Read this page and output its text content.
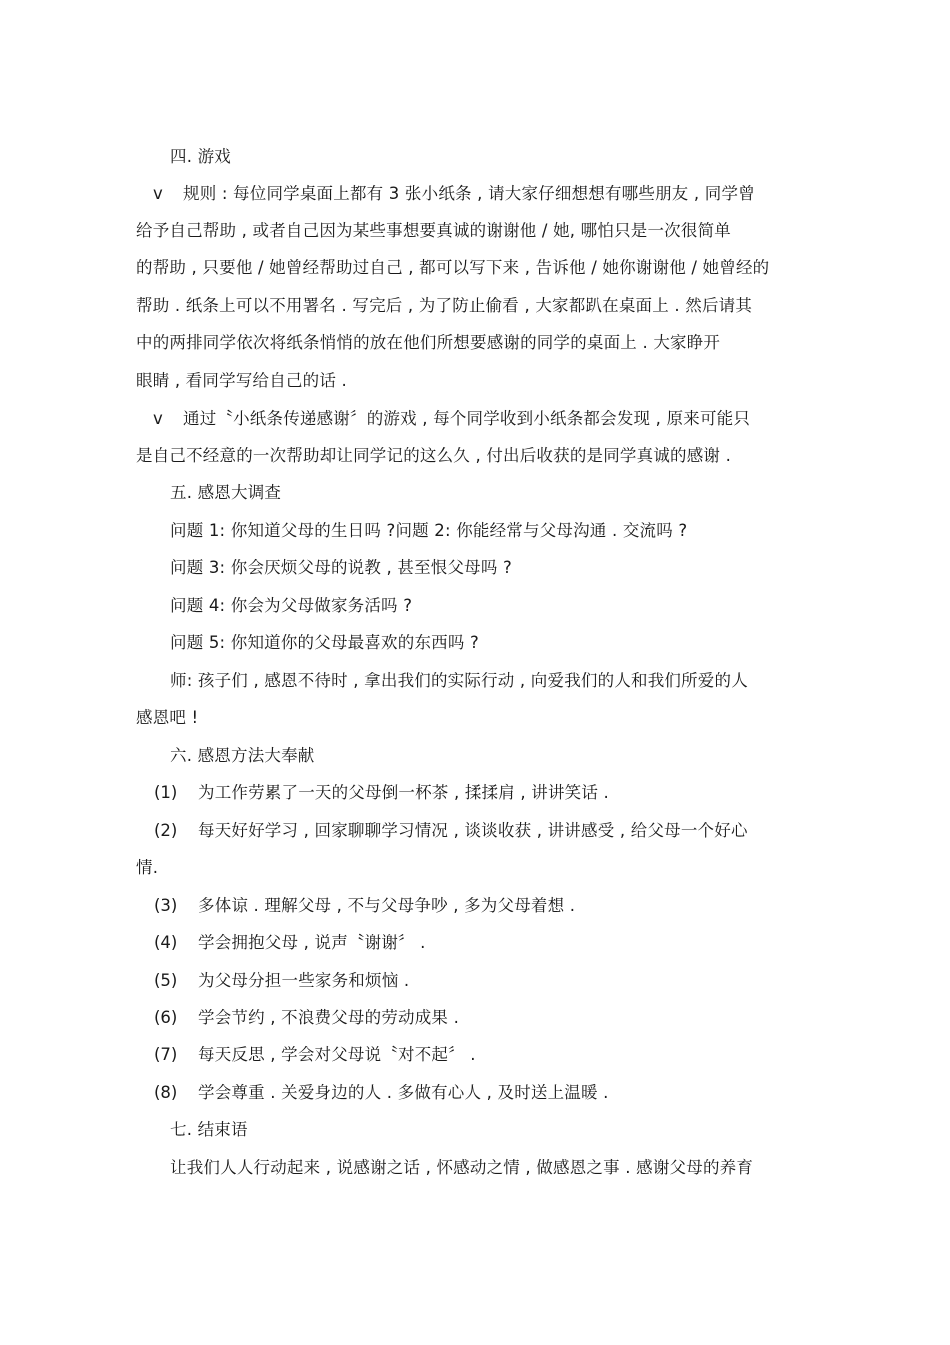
四. 游戏
v 规则 : 每位同学桌面上都有 3 张小纸条 , 请大家仔细想想有哪些朋友 , 同学曾
给予自己帮助 , 或者自己因为某些事想要真诚的谢谢他 / 她, 哪怕只是一次很简单
的帮助 , 只要他 / 她曾经帮助过自己 , 都可以写下来 , 告诉他 / 她你谢谢他 / 她曾经的
帮助 . 纸条上可以不用署名 . 写完后 , 为了防止偷看 , 大家都趴在桌面上 . 然后请其
中的两排同学依次将纸条悄悄的放在他们所想要感谢的同学的桌面上 . 大家睁开
眼睛 , 看同学写给自己的话 .
v 通过〝小纸条传递感谢〞的游戏 , 每个同学收到小纸条都会发现 , 原来可能只
是自己不经意的一次帮助却让同学记的这么久 , 付出后收获的是同学真诚的感谢 .
五. 感恩大调查
问题 1: 你知道父母的生日吗 ?问题 2: 你能经常与父母沟通 . 交流吗 ?
问题 3: 你会厌烦父母的说教 , 甚至恨父母吗 ?
问题 4: 你会为父母做家务活吗 ?
问题 5: 你知道你的父母最喜欢的东西吗 ?
师: 孩子们 , 感恩不待时 , 拿出我们的实际行动 , 向爱我们的人和我们所爱的人
感恩吧 !
六. 感恩方法大奉献
(1) 为工作劳累了一天的父母倒一杯茶 , 揉揉肩 , 讲讲笑话 .
(2) 每天好好学习 , 回家聊聊学习情况 , 谈谈收获 , 讲讲感受 , 给父母一个好心
情.
(3) 多体谅 . 理解父母 , 不与父母争吵 , 多为父母着想 .
(4) 学会拥抱父母 , 说声〝谢谢〞 .
(5) 为父母分担一些家务和烦恼 .
(6) 学会节约 , 不浪费父母的劳动成果 .
(7) 每天反思 , 学会对父母说〝对不起〞 .
(8) 学会尊重 . 关爱身边的人 . 多做有心人 , 及时送上温暖 .
七. 结束语
让我们人人行动起来 , 说感谢之话 , 怀感动之情 , 做感恩之事 . 感谢父母的养育
